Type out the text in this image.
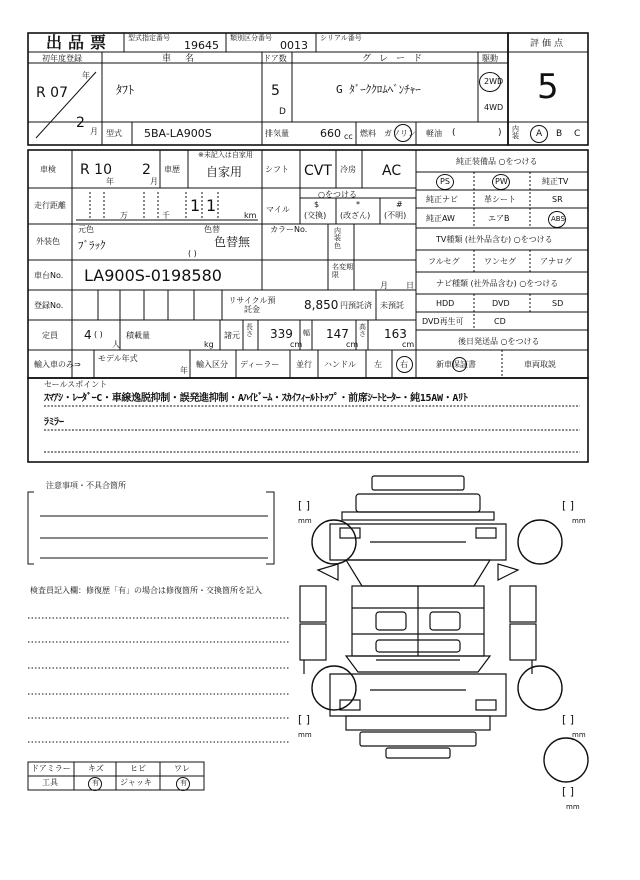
出品票 型式指定番号
19645
類別区分番号
0013
シリアル番号
評価点
5
初年度登録
R 07
年
2
月
車名
ﾀﾌﾄ
ドア数
5
D
グレード
G ﾀﾞｰｸｸﾛﾑﾍﾞﾝﾁｬｰ
駆動
2WD
4WD
型式 5BA-LA900S	排気量	660 cc 燃料 ガソリン 軽油 (	) 内装	A B C
車検 R 10
年
2
月
車歴
※未記入は自家用
自家用	シフト CVT 冷房 AC
走行距離
万	千
1 1
km
マイル
○をつける
$
(交換)
*
(改ざん)
#
(不明)
外装色
元色
ﾌﾞﾗｯｸ
色替
色替無
( )
カラーNo.	内装色
車台No. LA900S-0198580	名変期限
月 日
登録No.
リサイクル預託金	8,850 円預託済 未預託
定員 4 ( )
人
積載量
kg
諸元
長さ 339
cm
幅 147
cm
高さ 163
cm
輸入車のみ⇒
モデル年式
年
輸入区分 ディーラー 並行 ハンドル 左 右
純正装備品 ○をつける
PS	PW	純正TV
純正ナビ	革シート	SR
純正AW	エアB	ABS
TV種類 (社外品含む) ○をつける
フルセグ	ワンセグ	アナログ
ナビ種類 (社外品含む) ○をつける
HDD	DVD	SD
DVD再生可	CD
後日発送品 ○をつける
新車保証書	車両取説
セールスポイント
ｽﾏｱｼ・ﾚｰﾀﾞｰC・車線逸脱抑制・誤発進抑制・Aﾊｲﾋﾞｰﾑ・ｽｶｲﾌｨｰﾙﾄﾄｯﾌﾟ・前席ｼｰﾄﾋｰﾀｰ・純15AW・Aﾘﾄ
ﾗﾐﾗｰ
注意事項・不具合箇所
検査員記入欄：修復歴「有」の場合は修復箇所・交換箇所を記入
ドアミラー キズ	ヒビ	ワレ
工具	有	ジャッキ	有
[ ]
mm
[ ]
mm
[ ]
mm
[ ]
mm
[ ]
mm
